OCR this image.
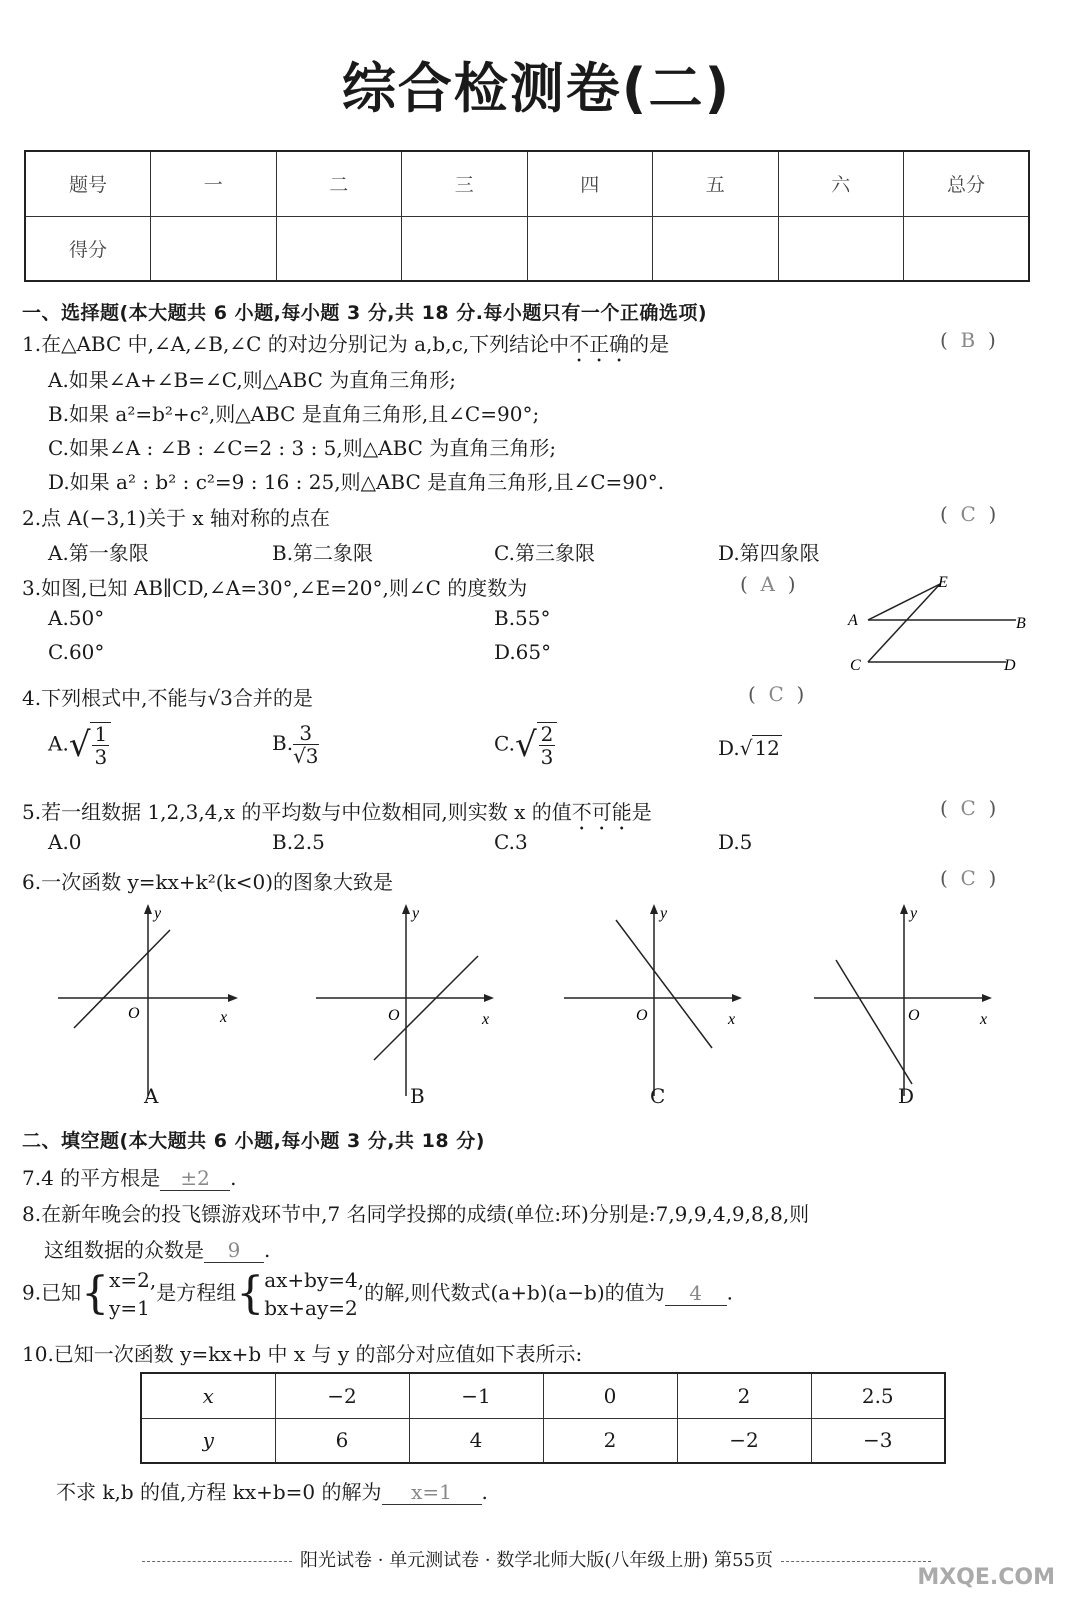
综合检测卷(二)
题号	一	二	三	四	五	六	总分
得分							
一、选择题(本大题共 6 小题,每小题 3 分,共 18 分.每小题只有一个正确选项)
1.在△ABC 中,∠A,∠B,∠C 的对边分别记为 a,b,c,下列结论中不正确的是	(  B  )
A.如果∠A+∠B=∠C,则△ABC 为直角三角形;
B.如果 a²=b²+c²,则△ABC 是直角三角形,且∠C=90°;
C.如果∠A : ∠B : ∠C=2 : 3 : 5,则△ABC 为直角三角形;
D.如果 a² : b² : c²=9 : 16 : 25,则△ABC 是直角三角形,且∠C=90°.
2.点 A(−3,1)关于 x 轴对称的点在	(  C  )
A.第一象限	B.第二象限	C.第三象限	D.第四象限
3.如图,已知 AB∥CD,∠A=30°,∠E=20°,则∠C 的度数为	(  A  )
A.50°	B.55°
C.60°	D.65°
E
A	B
C	D
4.下列根式中,不能与√3合并的是	(  C  )
$A.√ \frac{1}{3}$	B. $\frac{3}{√3}$	$C.√ \frac{2}{3}$	D.√ 12
5.若一组数据 1,2,3,4,x 的平均数与中位数相同,则实数 x 的值不可能是	(  C  )
A.0	B.2.5	C.3	D.5
6.一次函数 y=kx+k²(k<0)的图象大致是	(  C  )
O	x
y
A
O	x
y
B
O	x
y
C
O	x
y
D
二、填空题(本大题共 6 小题,每小题 3 分,共 18 分)
7.4 的平方根是 ±2 .
8.在新年晚会的投飞镖游戏环节中,7 名同学投掷的成绩(单位:环)分别是:7,9,9,4,9,8,8,则
这组数据的众数是 9 .
9.已知{ x=2,
y=1
是方程组{ ax+by=4,
bx+ay=2
的解,则代数式(a+b)(a−b)的值为 4 .
10.已知一次函数 y=kx+b 中 x 与 y 的部分对应值如下表所示:
x	−2	−1	0	2	2.5
y	6	4	2	−2	−3
不求 k,b 的值,方程 kx+b=0 的解为 x=1 .
阳光试卷 · 单元测试卷 · 数学北师大版(八年级上册) 第55页
MXQE.COM
